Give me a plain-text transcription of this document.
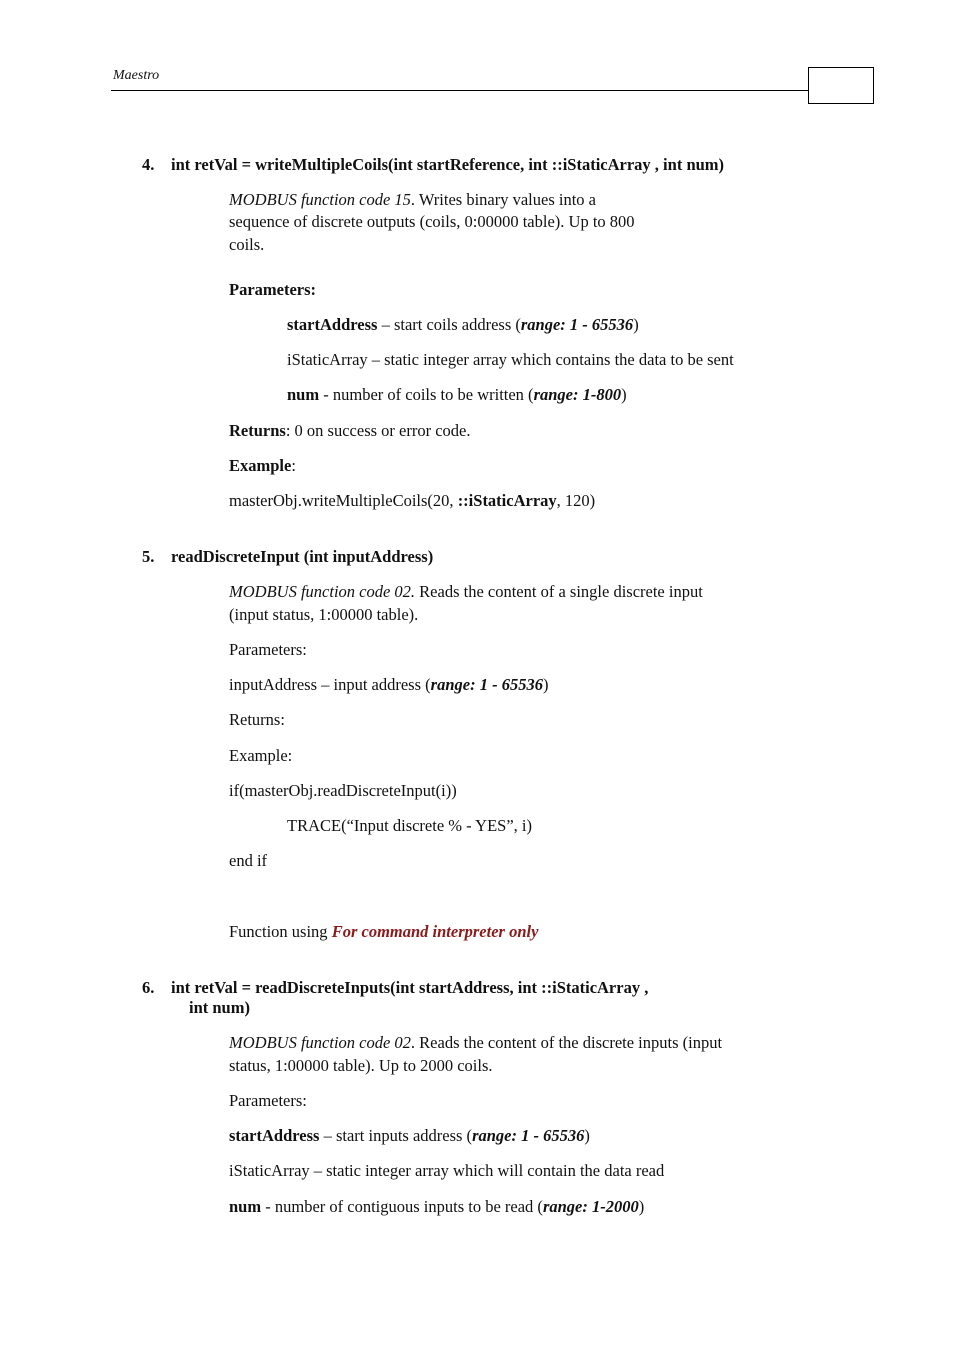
Maestro
4. int retVal = writeMultipleCoils(int startReference, int ::iStaticArray , int num)
MODBUS function code 15. Writes binary values into a
sequence of discrete outputs (coils, 0:00000 table). Up to 800
coils.
Parameters:
startAddress – start coils address (range: 1 - 65536)
iStaticArray – static integer array which contains the data to be sent
num - number of coils to be written (range: 1-800)
Returns: 0 on success or error code.
Example:
masterObj.writeMultipleCoils(20, ::iStaticArray, 120)
5. readDiscreteInput (int inputAddress)
MODBUS function code 02. Reads the content of a single discrete input
(input status, 1:00000 table).
Parameters:
inputAddress – input address (range: 1 - 65536)
Returns:
Example:
if(masterObj.readDiscreteInput(i))
TRACE(“Input discrete % - YES”, i)
end if
Function using For command interpreter only
6. int retVal = readDiscreteInputs(int startAddress, int ::iStaticArray ,
int num)
MODBUS function code 02. Reads the content of the discrete inputs (input
status, 1:00000 table). Up to 2000 coils.
Parameters:
startAddress – start inputs address (range: 1 - 65536)
iStaticArray – static integer array which will contain the data read
num - number of contiguous inputs to be read (range: 1-2000)
